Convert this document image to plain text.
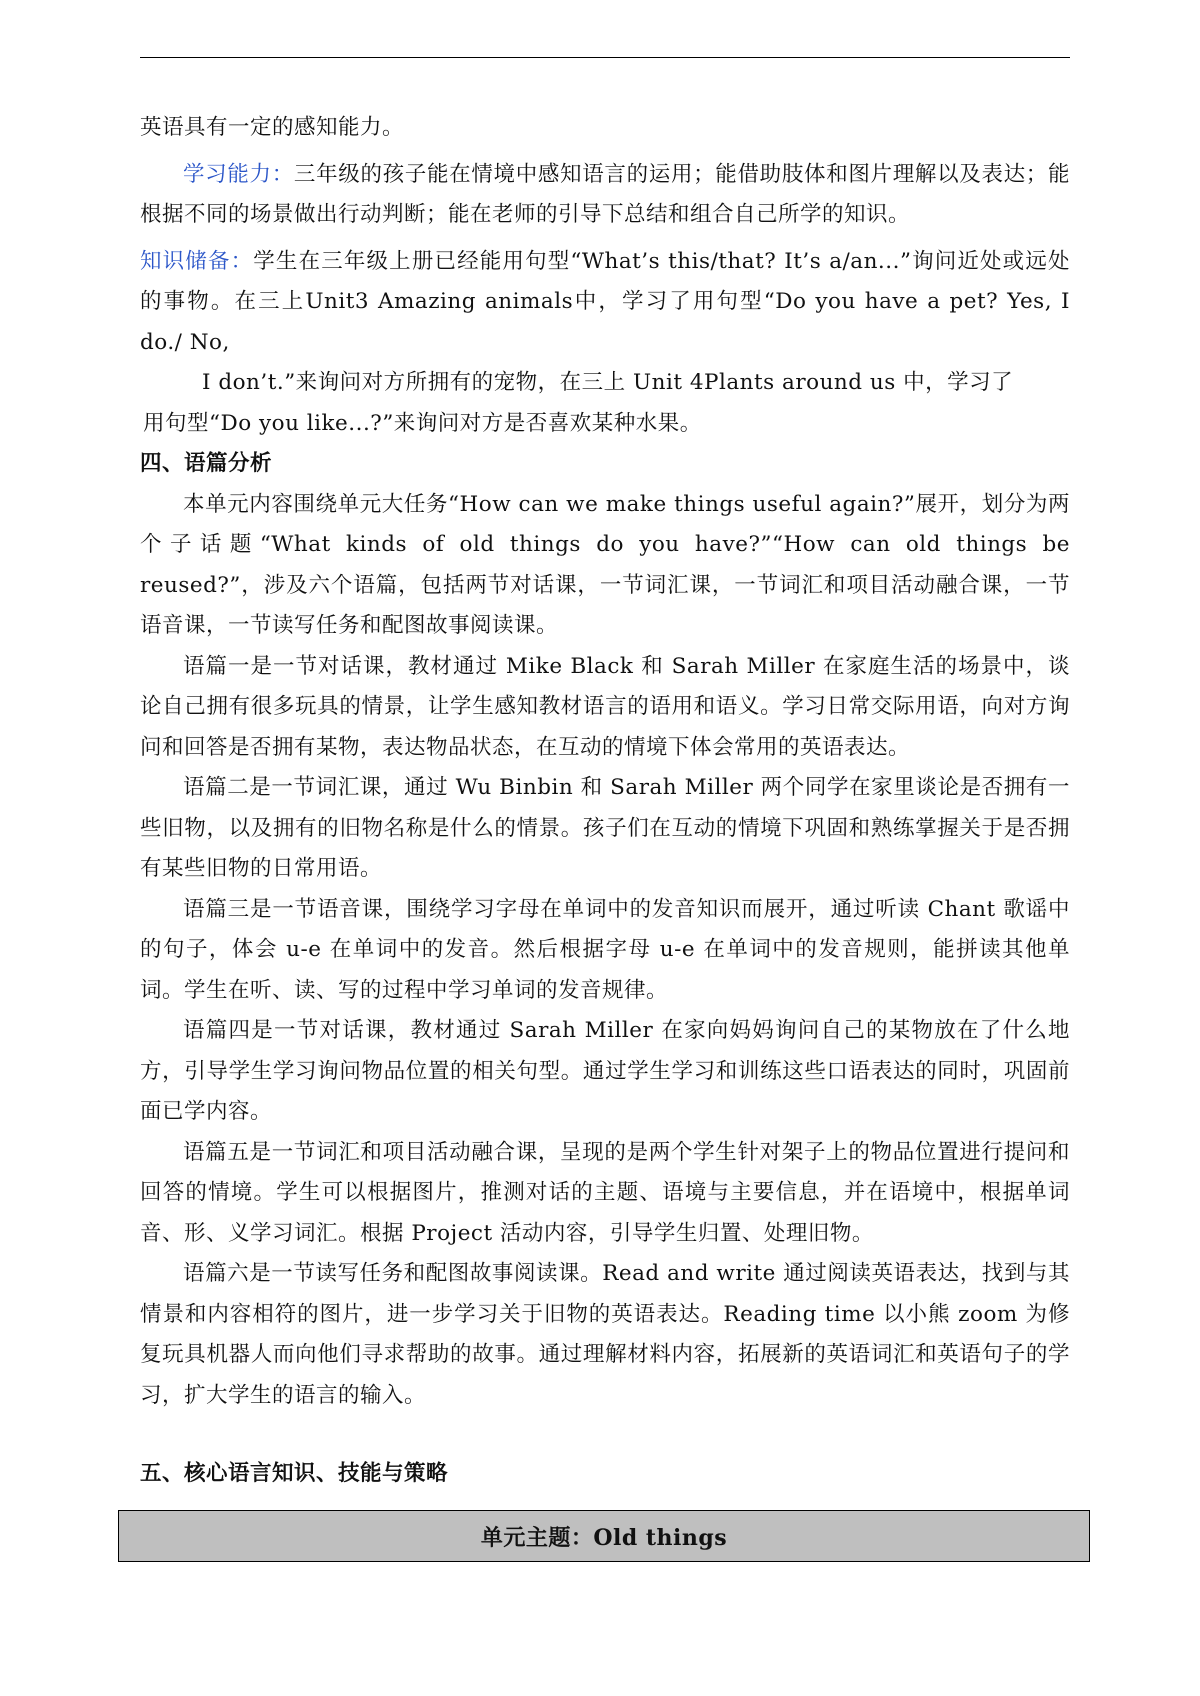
英语具有一定的感知能力。

学习能力：三年级的孩子能在情境中感知语言的运用；能借助肢体和图片理解以及表达；能根据不同的场景做出行动判断；能在老师的引导下总结和组合自己所学的知识。

知识储备：学生在三年级上册已经能用句型“What’s this/that? It’s a/an...”询问近处或远处的事物。在三上Unit3 Amazing animals中，学习了用句型“Do you have a pet? Yes, I do./ No,

I don’t.”来询问对方所拥有的宠物，在三上 Unit 4Plants around us 中，学习了

用句型“Do you like...?”来询问对方是否喜欢某种水果。

四、语篇分析

本单元内容围绕单元大任务“How can we make things useful again?”展开，划分为两个子话题“What kinds of old things do you have?”“How can old things be reused?”，涉及六个语篇，包括两节对话课，一节词汇课，一节词汇和项目活动融合课，一节语音课，一节读写任务和配图故事阅读课。

语篇一是一节对话课，教材通过 Mike Black 和 Sarah Miller 在家庭生活的场景中，谈论自己拥有很多玩具的情景，让学生感知教材语言的语用和语义。学习日常交际用语，向对方询问和回答是否拥有某物，表达物品状态，在互动的情境下体会常用的英语表达。

语篇二是一节词汇课，通过 Wu Binbin 和 Sarah Miller 两个同学在家里谈论是否拥有一些旧物，以及拥有的旧物名称是什么的情景。孩子们在互动的情境下巩固和熟练掌握关于是否拥有某些旧物的日常用语。

语篇三是一节语音课，围绕学习字母在单词中的发音知识而展开，通过听读 Chant 歌谣中的句子，体会 u-e 在单词中的发音。然后根据字母 u-e 在单词中的发音规则，能拼读其他单词。学生在听、读、写的过程中学习单词的发音规律。

语篇四是一节对话课，教材通过 Sarah Miller 在家向妈妈询问自己的某物放在了什么地方，引导学生学习询问物品位置的相关句型。通过学生学习和训练这些口语表达的同时，巩固前面已学内容。

语篇五是一节词汇和项目活动融合课，呈现的是两个学生针对架子上的物品位置进行提问和回答的情境。学生可以根据图片，推测对话的主题、语境与主要信息，并在语境中，根据单词音、形、义学习词汇。根据 Project 活动内容，引导学生归置、处理旧物。

语篇六是一节读写任务和配图故事阅读课。Read and write 通过阅读英语表达，找到与其情景和内容相符的图片，进一步学习关于旧物的英语表达。Reading time 以小熊 zoom 为修复玩具机器人而向他们寻求帮助的故事。通过理解材料内容，拓展新的英语词汇和英语句子的学习，扩大学生的语言的输入。

五、核心语言知识、技能与策略

单元主题：Old things
